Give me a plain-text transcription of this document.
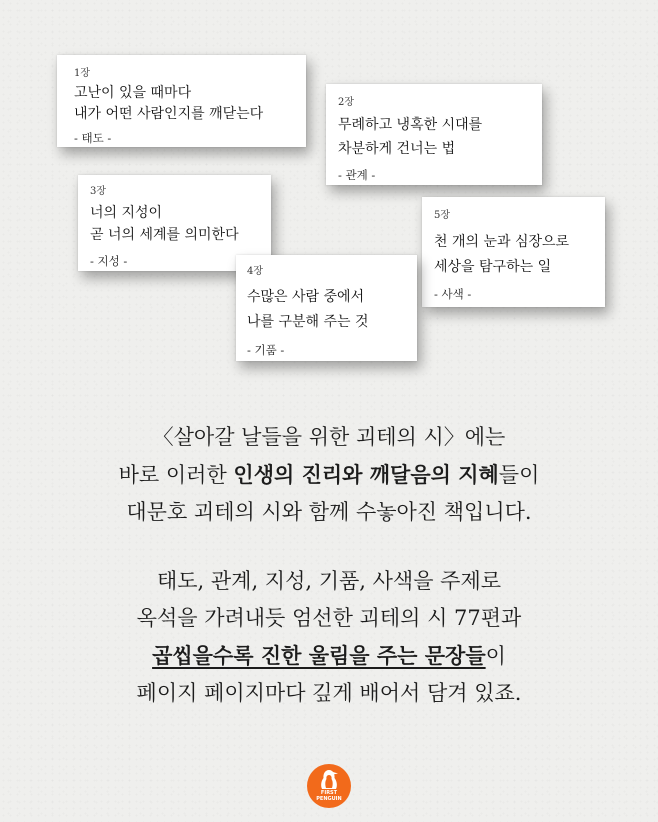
1장
고난이 있을 때마다
내가 어떤 사람인지를 깨닫는다
- 태도 -
2장
무례하고 냉혹한 시대를
차분하게 건너는 법
- 관계 -
3장
너의 지성이
곧 너의 세계를 의미한다
- 지성 -
5장
천 개의 눈과 심장으로
세상을 탐구하는 일
- 사색 -
4장
수많은 사람 중에서
나를 구분해 주는 것
- 기품 -
〈살아갈 날들을 위한 괴테의 시〉에는
바로 이러한 인생의 진리와 깨달음의 지혜들이
대문호 괴테의 시와 함께 수놓아진 책입니다.
태도, 관계, 지성, 기품, 사색을 주제로
옥석을 가려내듯 엄선한 괴테의 시 77편과
곱씹을수록 진한 울림을 주는 문장들이
페이지 페이지마다 깊게 배어서 담겨 있죠.
FIRST
PENGUIN
